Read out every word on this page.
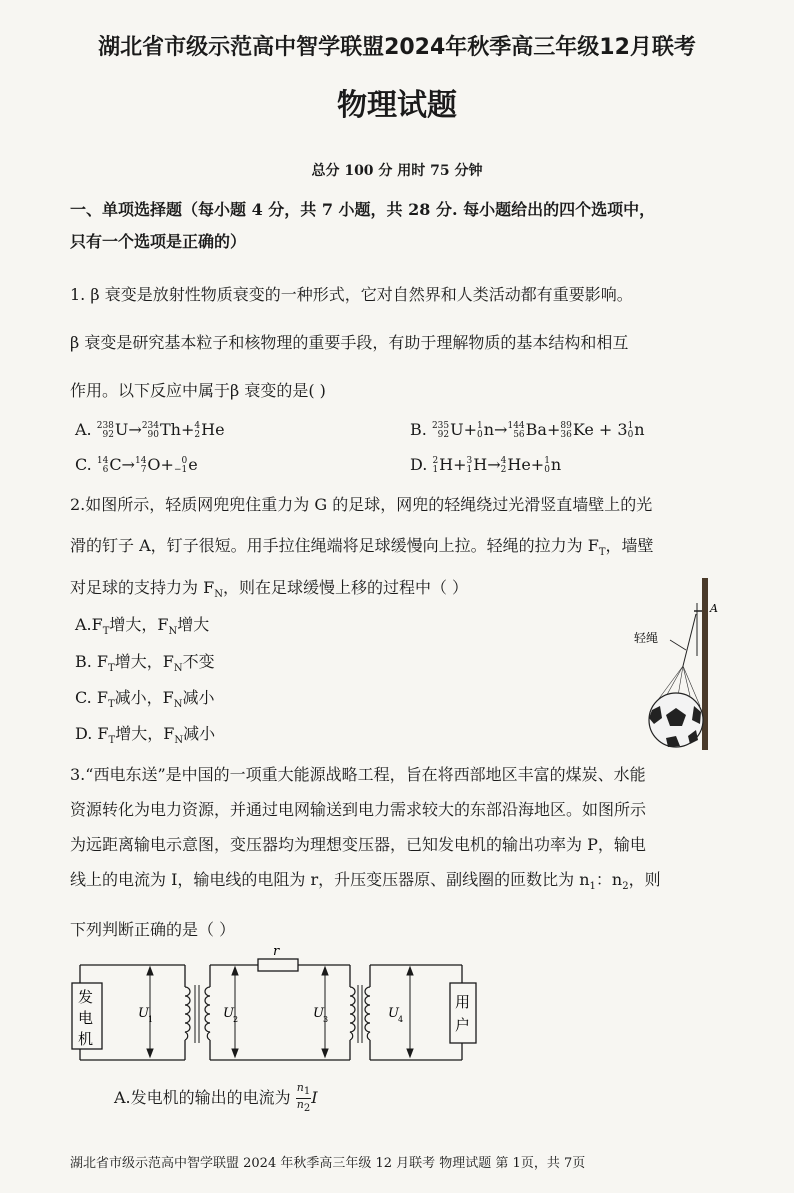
湖北省市级示范高中智学联盟2024年秋季高三年级12月联考
物理试题
总分 100 分 用时 75 分钟
一、单项选择题（每小题 4 分，共 7 小题，共 28 分. 每小题给出的四个选项中，
只有一个选项是正确的）
1. β 衰变是放射性物质衰变的一种形式，它对自然界和人类活动都有重要影响。
β 衰变是研究基本粒子和核物理的重要手段，有助于理解物质的基本结构和相互
作用。以下反应中属于β 衰变的是( )
A. 238
92U→234
90Th+4
2He	B. 235
92U+1
0n→144
56Ba+89
36Ke + 31
0n
C. 14
6C→14
7O+ 0
−1e	D. 2
1H+3
1H→4
2He+1
0n
2.如图所示，轻质网兜兜住重力为 G 的足球，网兜的轻绳绕过光滑竖直墙壁上的光
滑的钉子 A，钉子很短。用手拉住绳端将足球缓慢向上拉。轻绳的拉力为 $F_T$，墙壁
对足球的支持力为 $F_N$，则在足球缓慢上移的过程中（ ）
$A.F_T$增大，$F_N$增大
B. $F_T$增大，$F_N$不变
C. $F_T$减小，$F_N$减小
D. $F_T$增大，$F_N$减小
A
轻绳
3.“西电东送”是中国的一项重大能源战略工程，旨在将西部地区丰富的煤炭、水能
资源转化为电力资源，并通过电网输送到电力需求较大的东部沿海地区。如图所示
为远距离输电示意图，变压器均为理想变压器，已知发电机的输出功率为 P，输电
线上的电流为 I，输电线的电阻为 r，升压变压器原、副线圈的匝数比为 $n_1$：$n_2$，则
下列判断正确的是（ ）
r
发
电
机
用
户
U 1	U 2	U 3	U 4
A.发电机的输出的电流为 $\frac{n_1}{n_2}$ I
湖北省市级示范高中智学联盟 2024 年秋季高三年级 12 月联考 物理试题 第 1页，共 7页
